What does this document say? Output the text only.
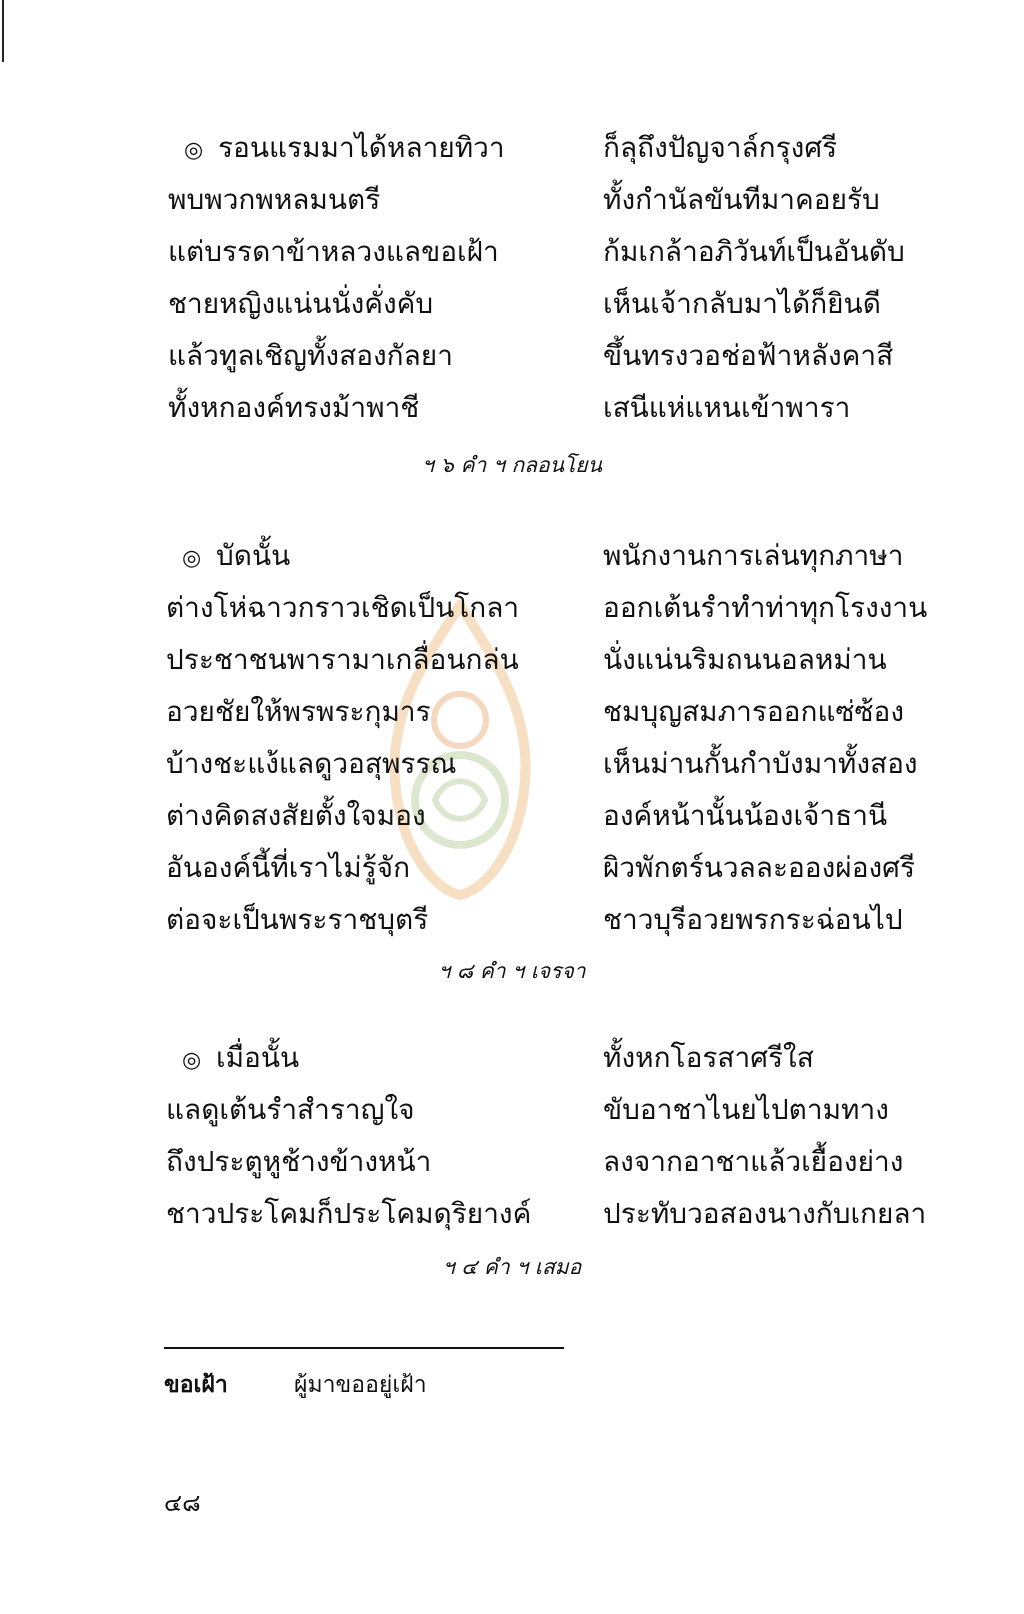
◎ รอนแรมมาได้หลายทิวา	ก็ลุถึงปัญจาล์กรุงศรี
พบพวกพหลมนตรี	ทั้งกำนัลขันทีมาคอยรับ
แต่บรรดาข้าหลวงแลขอเฝ้า	ก้มเกล้าอภิวันท์เป็นอันดับ
ชายหญิงแน่นนั่งคั่งคับ	เห็นเจ้ากลับมาได้ก็ยินดี
แล้วทูลเชิญทั้งสองกัลยา	ขึ้นทรงวอช่อฟ้าหลังคาสี
ทั้งหกองค์ทรงม้าพาชี	เสนีแห่แหนเข้าพารา
ฯ ๖ คำ ฯ กลอนโยน
◎ บัดนั้น	พนักงานการเล่นทุกภาษา
ต่างโห่ฉาวกราวเชิดเป็นโกลา	ออกเต้นรำทำท่าทุกโรงงาน
ประชาชนพารามาเกลื่อนกล่น	นั่งแน่นริมถนนอลหม่าน
อวยชัยให้พรพระกุมาร	ชมบุญสมภารออกแซ่ซ้อง
บ้างชะแง้แลดูวอสุพรรณ	เห็นม่านกั้นกำบังมาทั้งสอง
ต่างคิดสงสัยตั้งใจมอง	องค์หน้านั้นน้องเจ้าธานี
อันองค์นี้ที่เราไม่รู้จัก	ผิวพักตร์นวลละอองผ่องศรี
ต่อจะเป็นพระราชบุตรี	ชาวบุรีอวยพรกระฉ่อนไป
ฯ ๘ คำ ฯ เจรจา
◎ เมื่อนั้น	ทั้งหกโอรสาศรีใส
แลดูเต้นรำสำราญใจ	ขับอาชาไนยไปตามทาง
ถึงประตูหูช้างข้างหน้า	ลงจากอาชาแล้วเยื้องย่าง
ชาวประโคมก็ประโคมดุริยางค์	ประทับวอสองนางกับเกยลา
ฯ ๔ คำ ฯ เสมอ
ขอเฝ้า	ผู้มาขออยู่เฝ้า
๔๘
